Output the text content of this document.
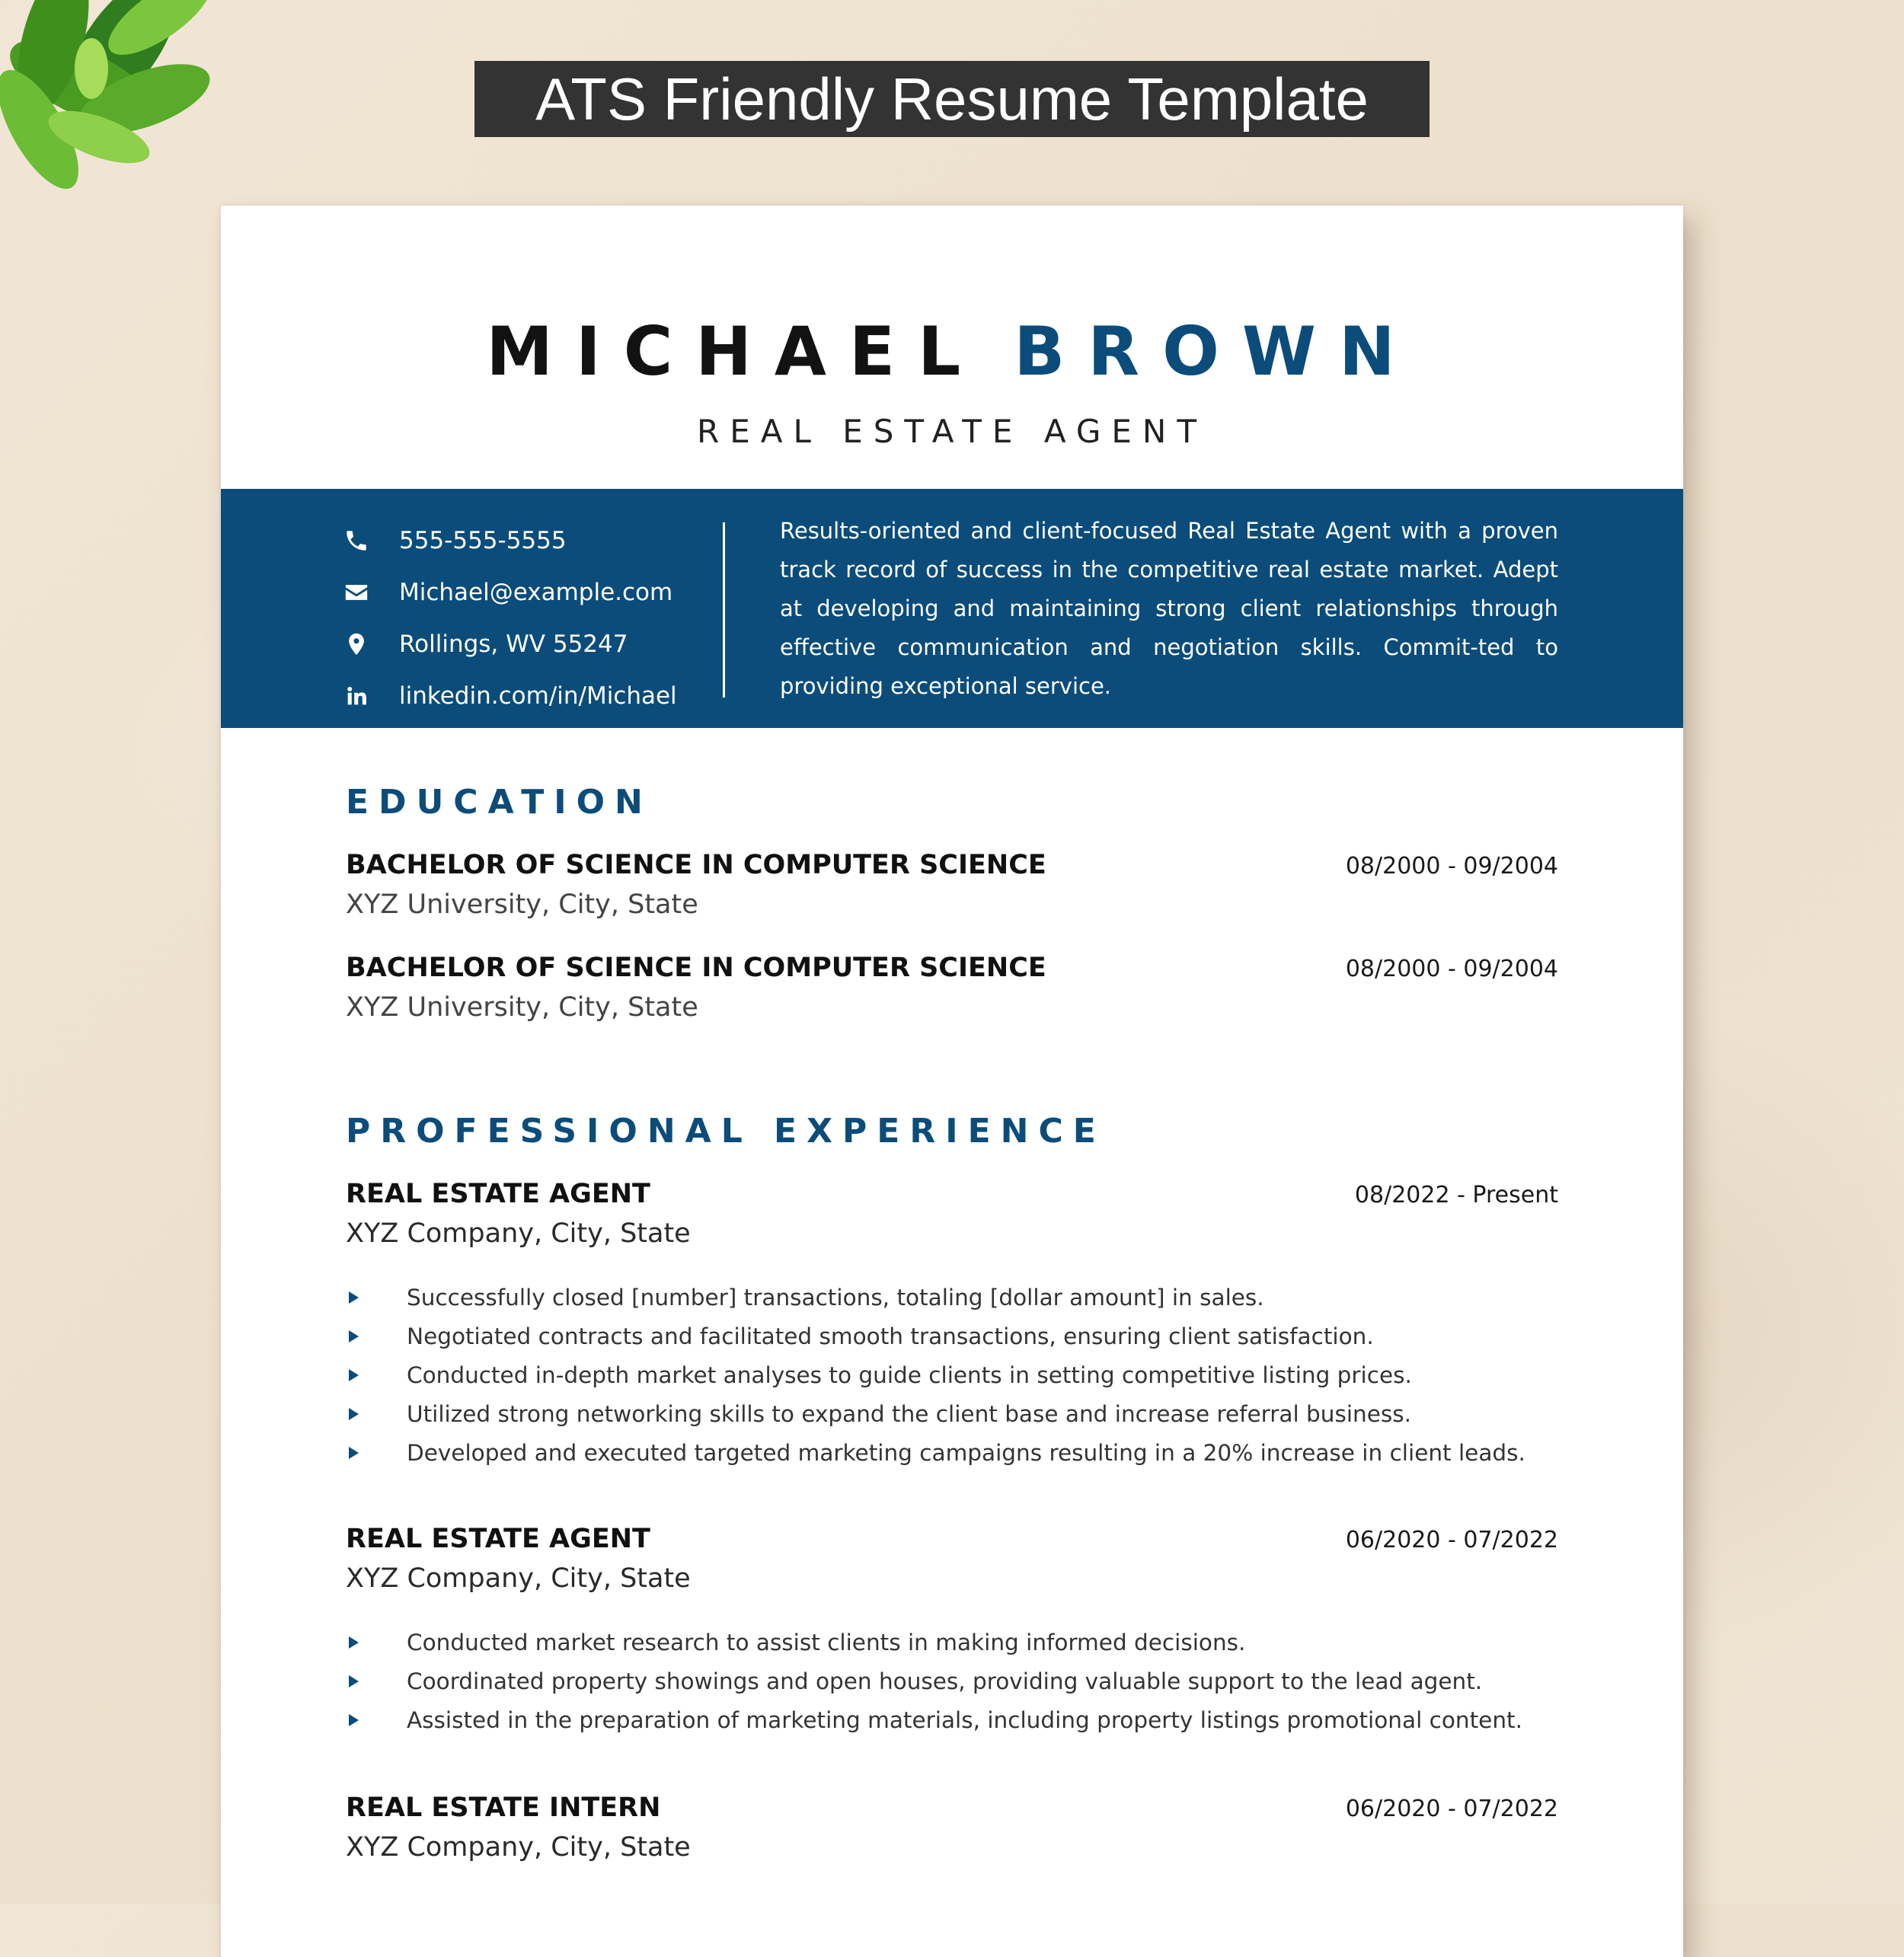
ATS Friendly Resume Template
MICHAEL BROWN
REAL ESTATE AGENT
555-555-5555
Michael@example.com
Rollings, WV 55247
linkedin.com/in/Michael
Results-oriented and client-focused Real Estate Agent with a proven track record of success in the competitive real estate market. Adept at developing and maintaining strong client relationships through effective communication and negotiation skills. Commit-ted to providing exceptional service.
EDUCATION
BACHELOR OF SCIENCE IN COMPUTER SCIENCE	08/2000 - 09/2004
XYZ University, City, State
BACHELOR OF SCIENCE IN COMPUTER SCIENCE	08/2000 - 09/2004
XYZ University, City, State
PROFESSIONAL EXPERIENCE
REAL ESTATE AGENT	08/2022 - Present
XYZ Company, City, State
Successfully closed [number] transactions, totaling [dollar amount] in sales.
Negotiated contracts and facilitated smooth transactions, ensuring client satisfaction.
Conducted in-depth market analyses to guide clients in setting competitive listing prices.
Utilized strong networking skills to expand the client base and increase referral business.
Developed and executed targeted marketing campaigns resulting in a 20% increase in client leads.
REAL ESTATE AGENT	06/2020 - 07/2022
XYZ Company, City, State
Conducted market research to assist clients in making informed decisions.
Coordinated property showings and open houses, providing valuable support to the lead agent.
Assisted in the preparation of marketing materials, including property listings promotional content.
REAL ESTATE INTERN	06/2020 - 07/2022
XYZ Company, City, State
